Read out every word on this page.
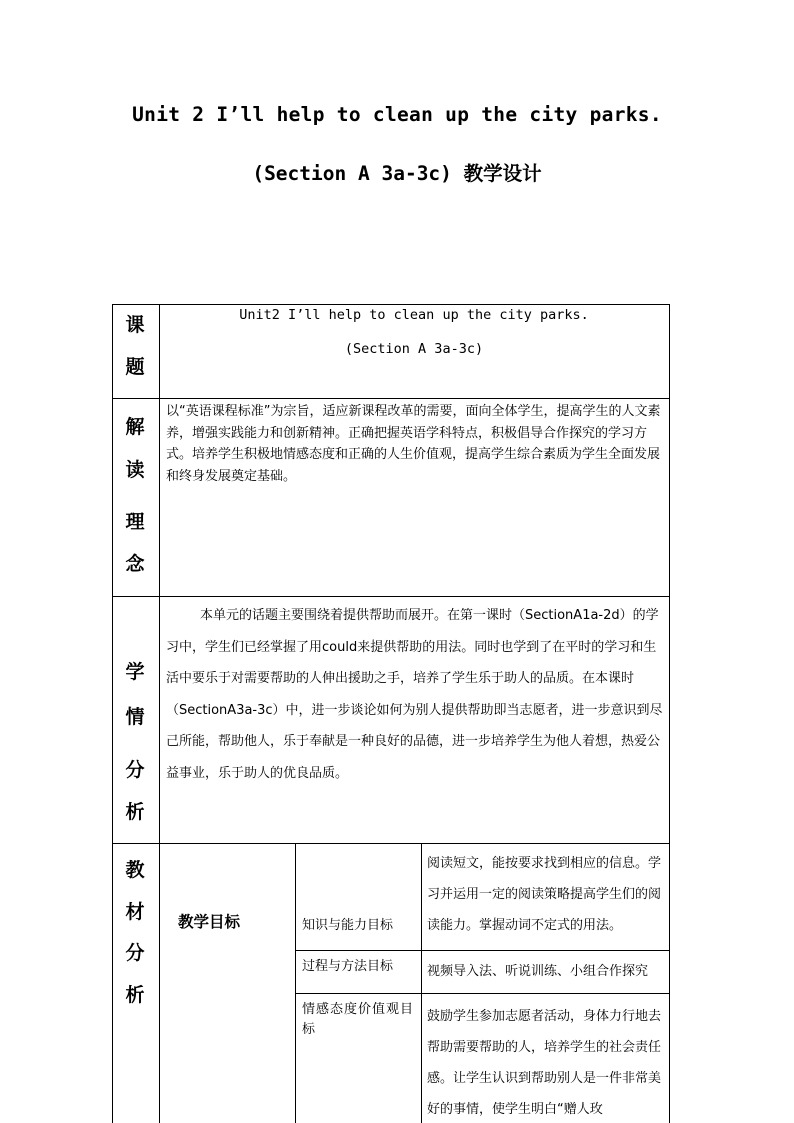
Unit 2 I’ll help to clean up the city parks.
(Section A 3a-3c) 教学设计
课
题
Unit2 I’ll help to clean up the city parks.
(Section A 3a-3c)
解
读
理
念
以“英语课程标准”为宗旨，适应新课程改革的需要，面向全体学生，提高学生的人文素养，增强实践能力和创新精神。正确把握英语学科特点，积极倡导合作探究的学习方式。培养学生积极地情感态度和正确的人生价值观，提高学生综合素质为学生全面发展和终身发展奠定基础。
学
情
分
析
本单元的话题主要围绕着提供帮助而展开。在第一课时（SectionA1a-2d）的学习中，学生们已经掌握了用could来提供帮助的用法。同时也学到了在平时的学习和生活中要乐于对需要帮助的人伸出援助之手，培养了学生乐于助人的品质。在本课时（SectionA3a-3c）中，进一步谈论如何为别人提供帮助即当志愿者，进一步意识到尽己所能，帮助他人，乐于奉献是一种良好的品德，进一步培养学生为他人着想，热爱公益事业，乐于助人的优良品质。
教
材
分
析
教学目标	知识与能力目标
阅读短文，能按要求找到相应的信息。学习并运用一定的阅读策略提高学生们的阅读能力。掌握动词不定式的用法。
过程与方法目标	视频导入法、听说训练、小组合作探究
情感态度价值观目标
鼓励学生参加志愿者活动，身体力行地去帮助需要帮助的人，培养学生的社会责任感。让学生认识到帮助别人是一件非常美好的事情，使学生明白“赠人玫
